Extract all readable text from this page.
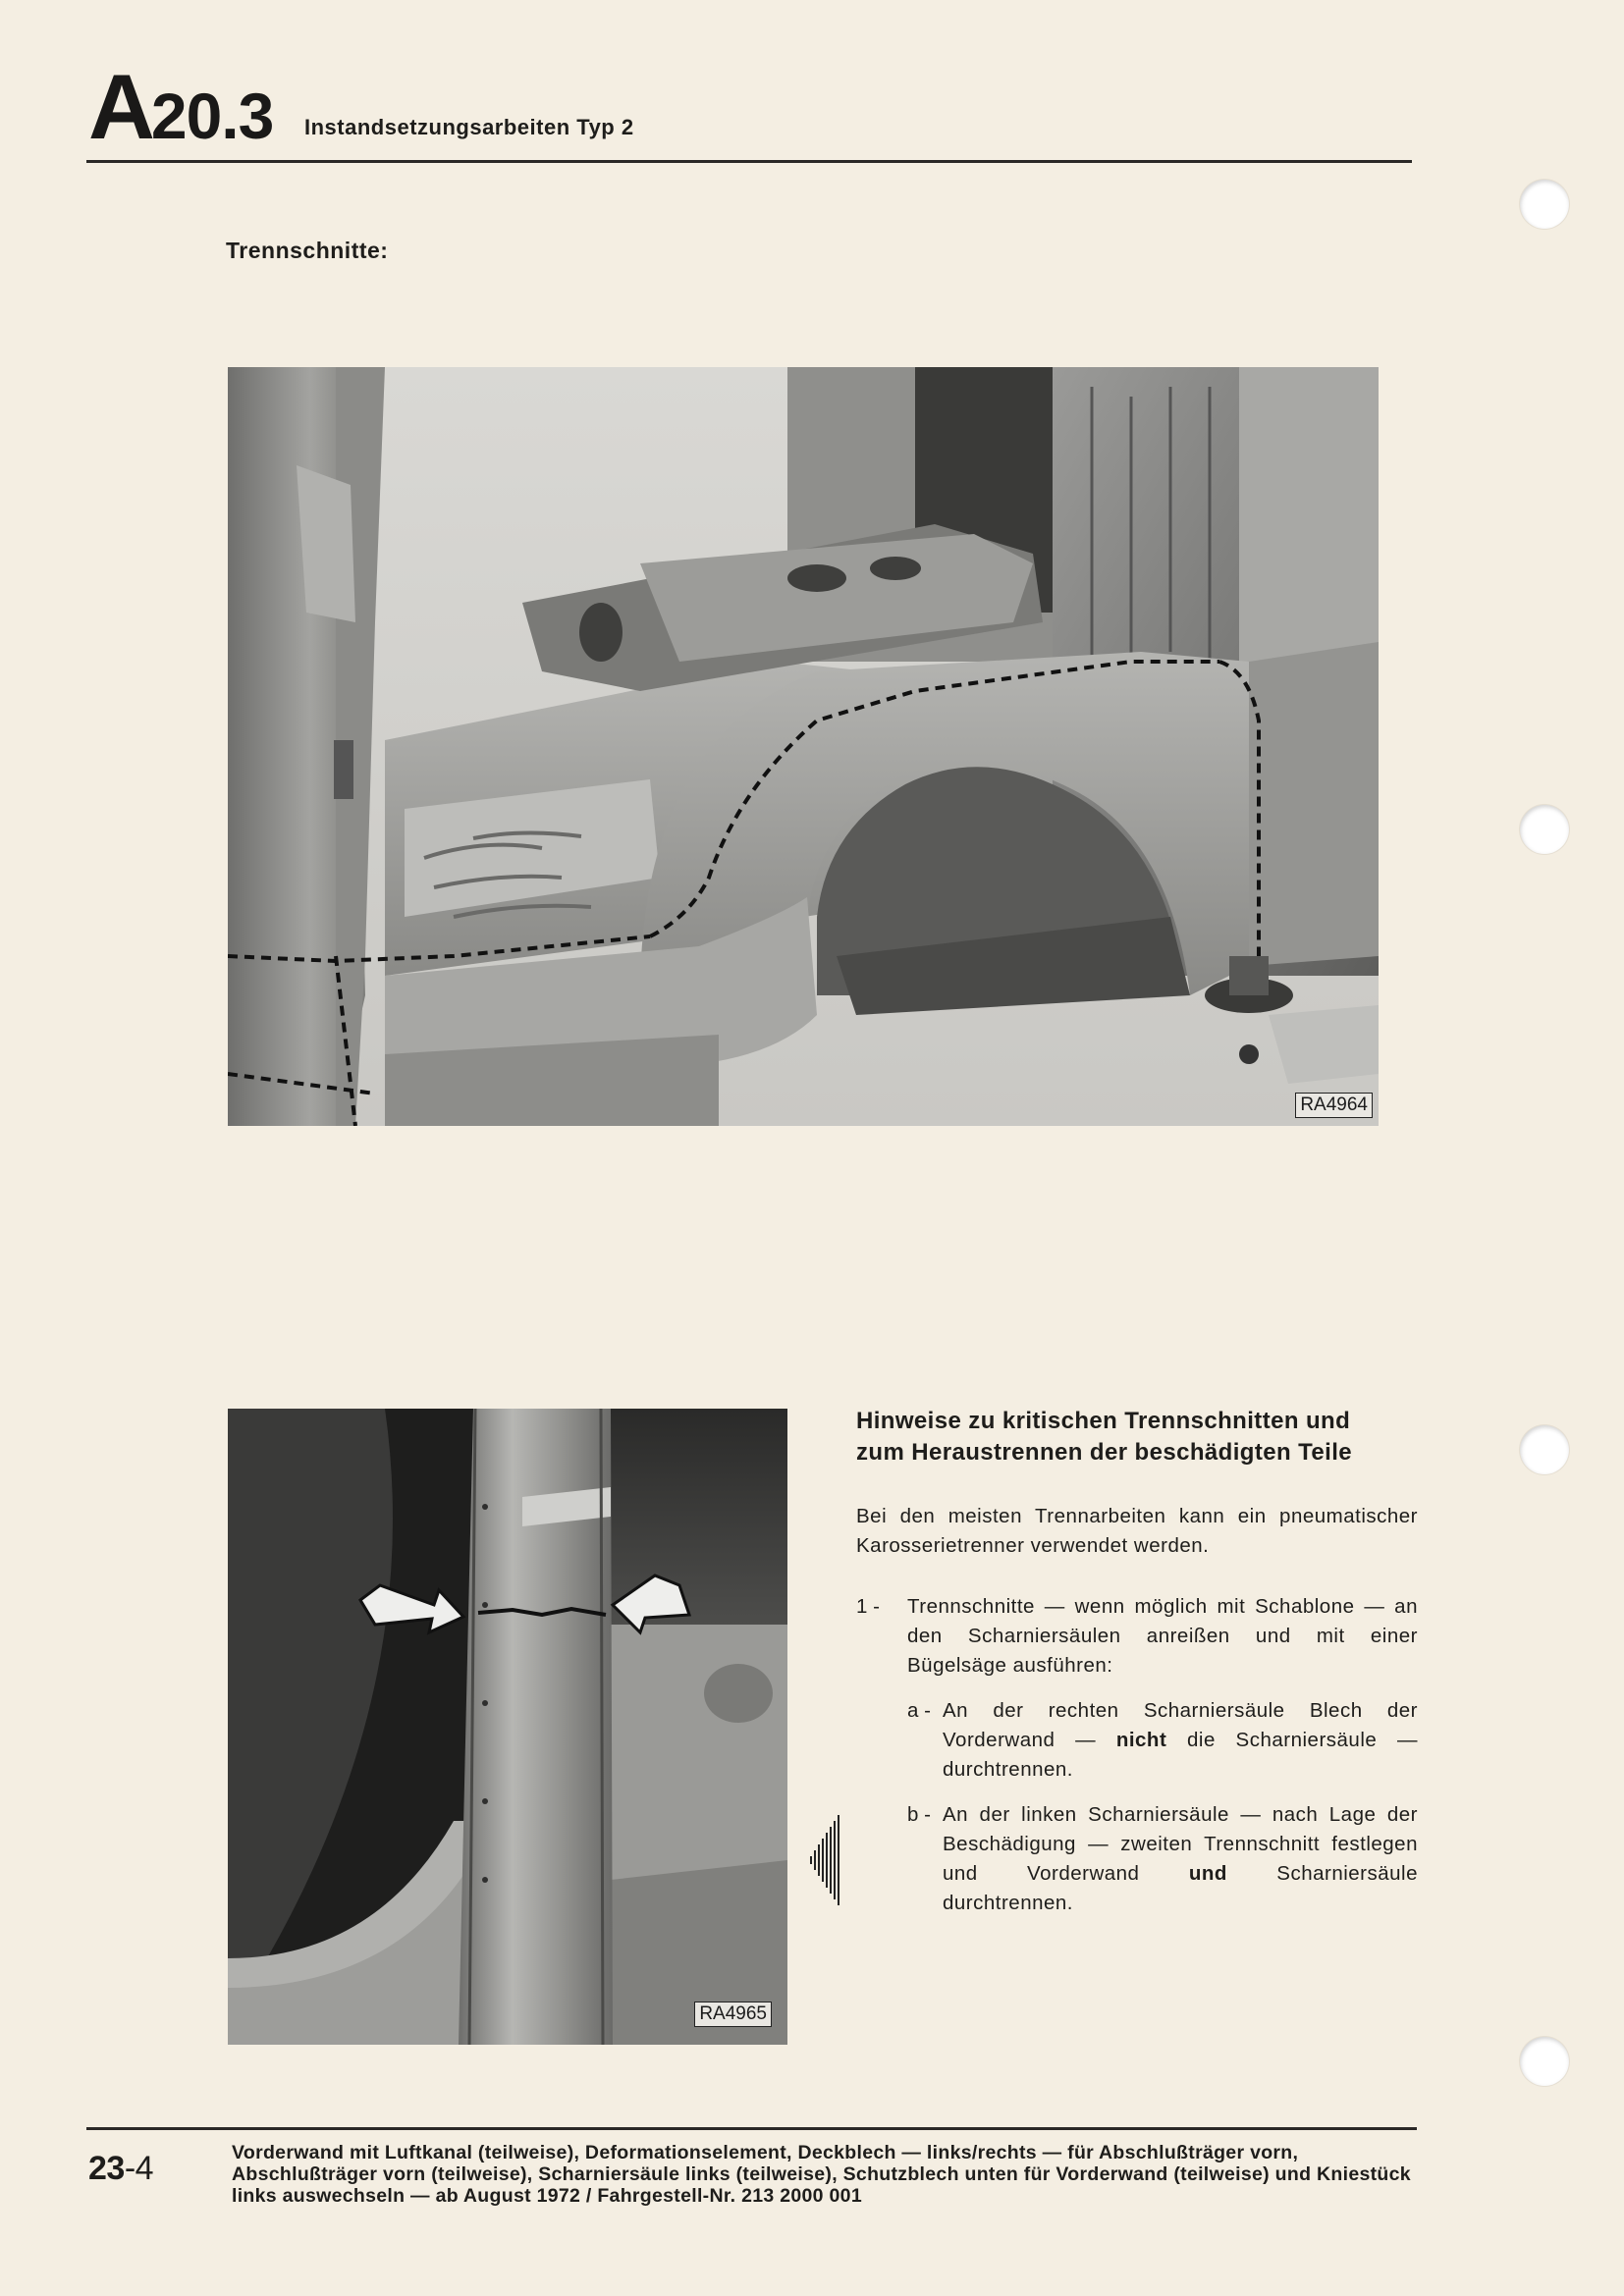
A20.3 Instandsetzungsarbeiten Typ 2
Trennschnitte:
RA4964
RA4965

Hinweise zu kritischen Trennschnitten und
zum Heraustrennen der beschädigten Teile

Bei den meisten Trennarbeiten kann ein pneumatischer Karosserietrenner verwendet werden.

1 - Trennschnitte — wenn möglich mit Schablone — an den Scharniersäulen anreißen und mit einer Bügelsäge ausführen:

a - An der rechten Scharniersäule Blech der Vorderwand — nicht die Scharniersäule — durchtrennen.

b - An der linken Scharniersäule — nach Lage der Beschädigung — zweiten Trennschnitt festlegen und Vorderwand und Scharniersäule durchtrennen.

23-4	Vorderwand mit Luftkanal (teilweise), Deformationselement, Deckblech — links/rechts — für Abschlußträger vorn, Abschlußträger vorn (teilweise), Scharniersäule links (teilweise), Schutzblech unten für Vorderwand (teilweise) und Kniestück links auswechseln — ab August 1972 / Fahrgestell-Nr. 213 2000 001
